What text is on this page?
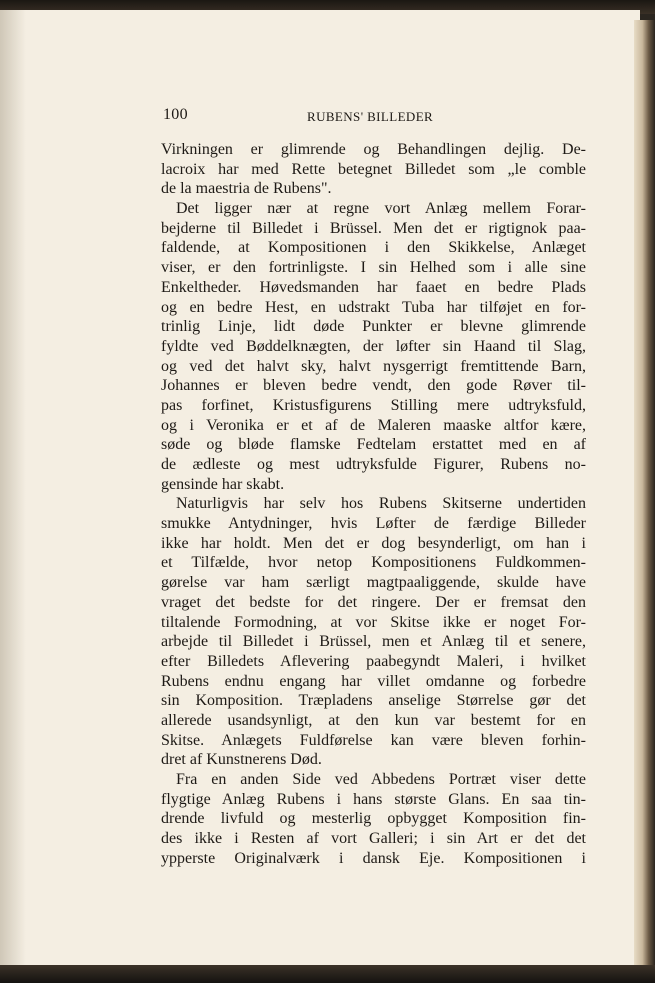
100	RUBENS' BILLEDER
Virkningen er glimrende og Behandlingen dejlig. De-
lacroix har med Rette betegnet Billedet som „le comble
de la maestria de Rubens".
Det ligger nær at regne vort Anlæg mellem Forar-
bejderne til Billedet i Brüssel. Men det er rigtignok paa-
faldende, at Kompositionen i den Skikkelse, Anlæget
viser, er den fortrinligste. I sin Helhed som i alle sine
Enkeltheder. Høvedsmanden har faaet en bedre Plads
og en bedre Hest, en udstrakt Tuba har tilføjet en for-
trinlig Linje, lidt døde Punkter er blevne glimrende
fyldte ved Bøddelknægten, der løfter sin Haand til Slag,
og ved det halvt sky, halvt nysgerrigt fremtittende Barn,
Johannes er bleven bedre vendt, den gode Røver til-
pas forfinet, Kristusfigurens Stilling mere udtryksfuld,
og i Veronika er et af de Maleren maaske altfor kære,
søde og bløde flamske Fedtelam erstattet med en af
de ædleste og mest udtryksfulde Figurer, Rubens no-
gensinde har skabt.
Naturligvis har selv hos Rubens Skitserne undertiden
smukke Antydninger, hvis Løfter de færdige Billeder
ikke har holdt. Men det er dog besynderligt, om han i
et Tilfælde, hvor netop Kompositionens Fuldkommen-
gørelse var ham særligt magtpaaliggende, skulde have
vraget det bedste for det ringere. Der er fremsat den
tiltalende Formodning, at vor Skitse ikke er noget For-
arbejde til Billedet i Brüssel, men et Anlæg til et senere,
efter Billedets Aflevering paabegyndt Maleri, i hvilket
Rubens endnu engang har villet omdanne og forbedre
sin Komposition. Træpladens anselige Størrelse gør det
allerede usandsynligt, at den kun var bestemt for en
Skitse. Anlægets Fuldførelse kan være bleven forhin-
dret af Kunstnerens Død.
Fra en anden Side ved Abbedens Portræt viser dette
flygtige Anlæg Rubens i hans største Glans. En saa tin-
drende livfuld og mesterlig opbygget Komposition fin-
des ikke i Resten af vort Galleri; i sin Art er det det
ypperste Originalværk i dansk Eje. Kompositionen i
